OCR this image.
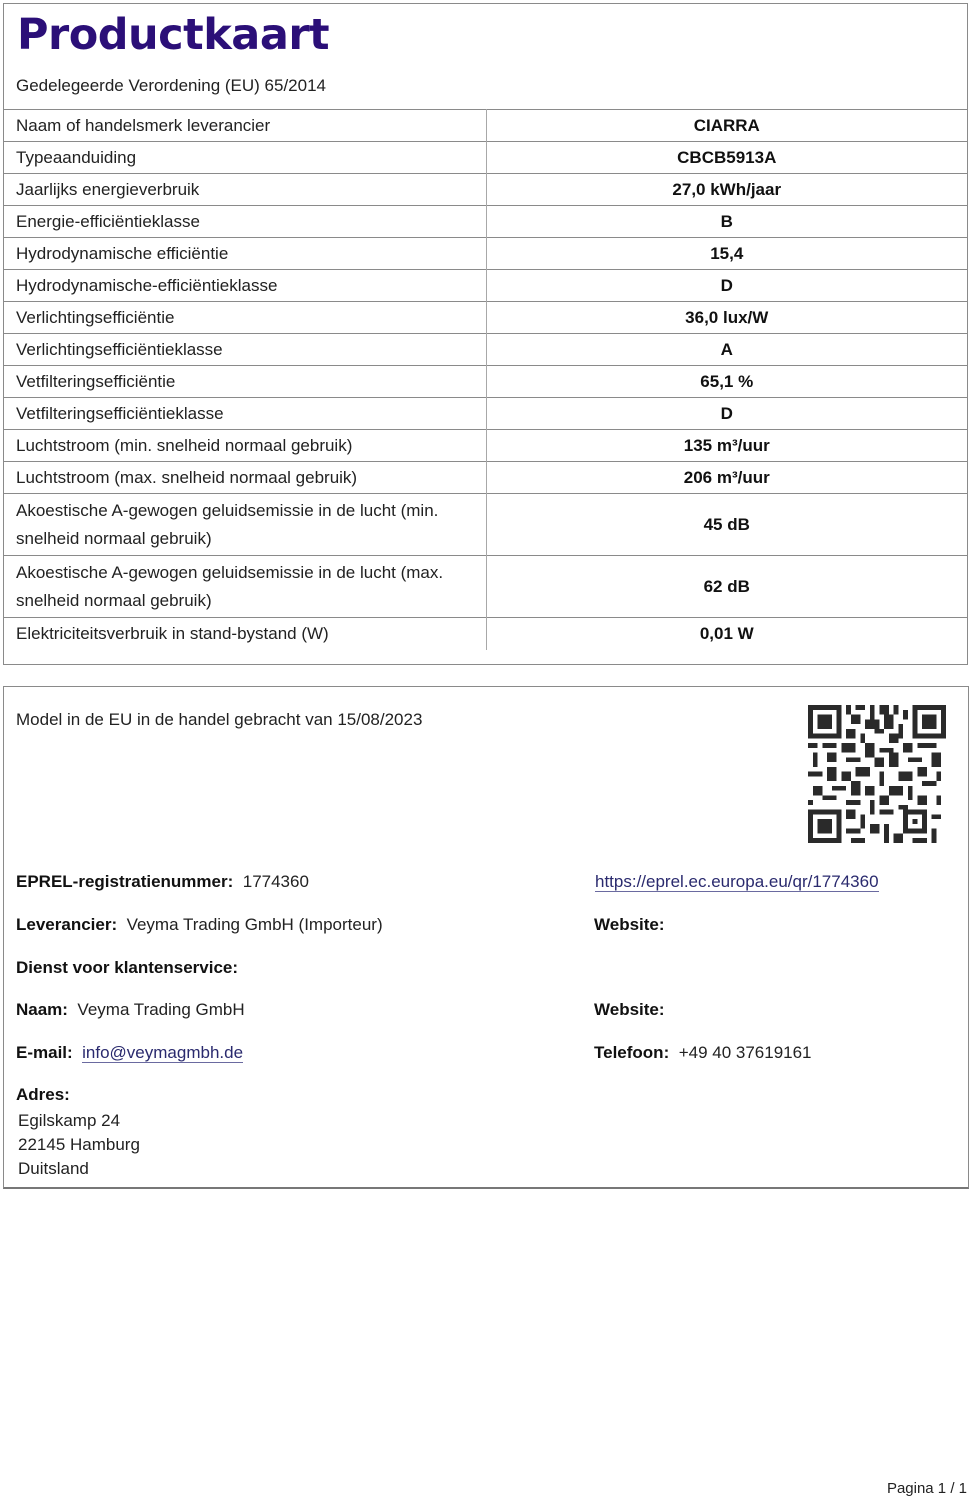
Productkaart
Gedelegeerde Verordening (EU) 65/2014
Naam of handelsmerk leverancier	CIARRA
Typeaanduiding	CBCB5913A
Jaarlijks energieverbruik	27,0 kWh/jaar
Energie-efficiëntieklasse	B
Hydrodynamische efficiëntie	15,4
Hydrodynamische-efficiëntieklasse	D
Verlichtingsefficiëntie	36,0 lux/W
Verlichtingsefficiëntieklasse	A
Vetfilteringsefficiëntie	65,1 %
Vetfilteringsefficiëntieklasse	D
Luchtstroom (min. snelheid normaal gebruik)	135 m³/uur
Luchtstroom (max. snelheid normaal gebruik)	206 m³/uur
Akoestische A-gewogen geluidsemissie in de lucht (min.
snelheid normaal gebruik)	45 dB
Akoestische A-gewogen geluidsemissie in de lucht (max.
snelheid normaal gebruik)	62 dB
Elektriciteitsverbruik in stand-bystand (W)	0,01 W
Model in de EU in de handel gebracht van 15/08/2023
EPREL-registratienummer: 1774360	https://eprel.ec.europa.eu/qr/1774360
Leverancier: Veyma Trading GmbH (Importeur)	Website:
Dienst voor klantenservice:
Naam: Veyma Trading GmbH	Website:
E-mail: info@veymagmbh.de	Telefoon: +49 40 37619161
Adres:
Egilskamp 24
22145 Hamburg
Duitsland
Pagina 1 / 1
